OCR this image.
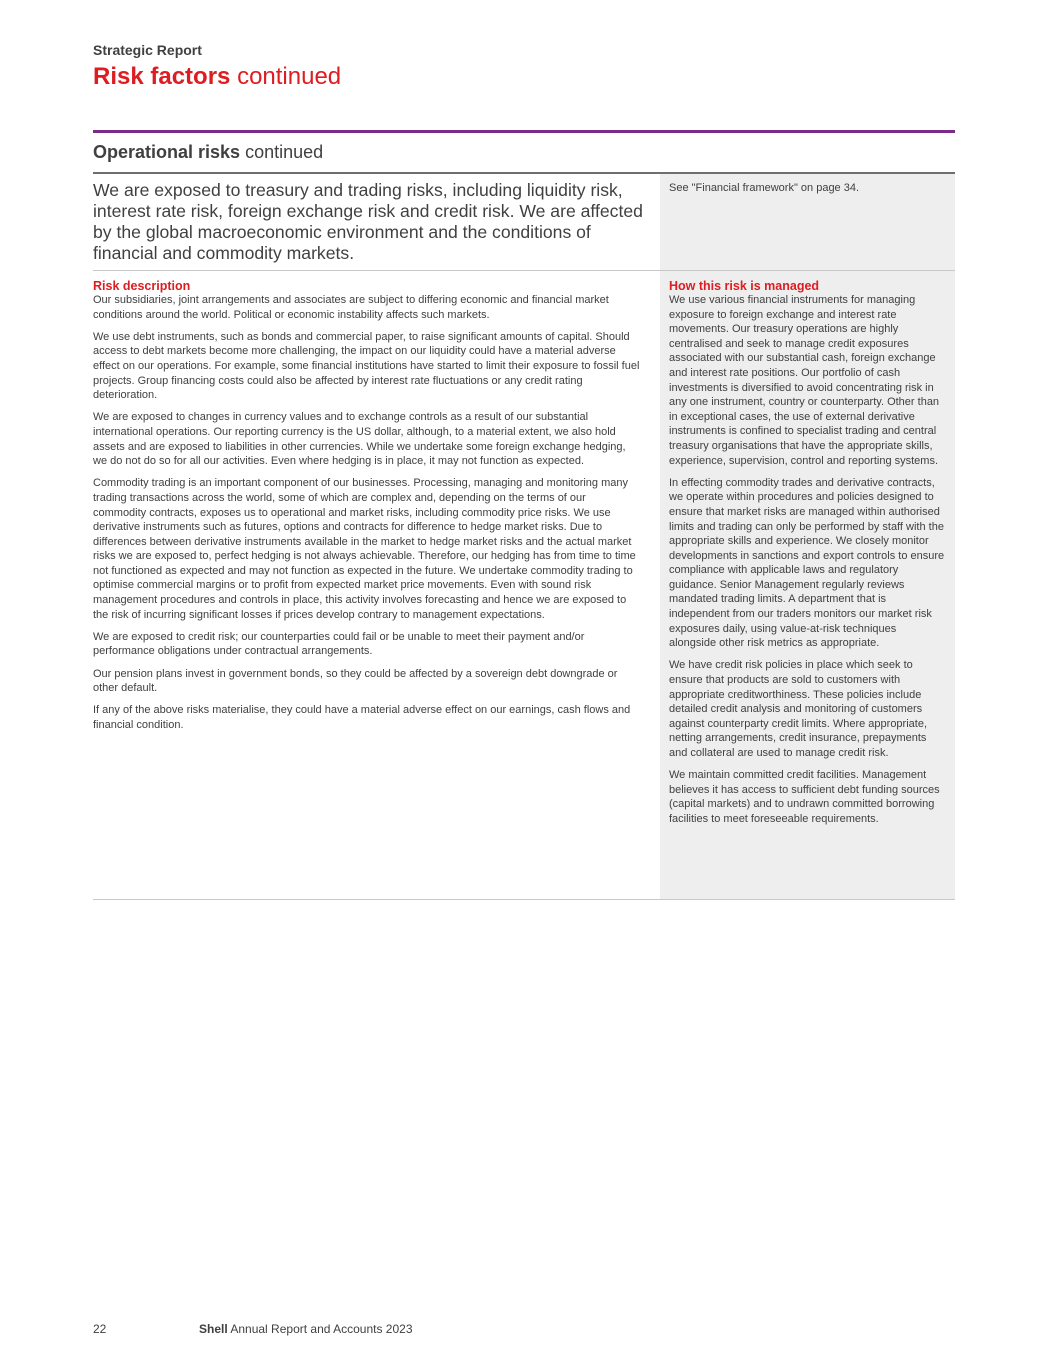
Strategic Report
Risk factors continued
Operational risks continued
We are exposed to treasury and trading risks, including liquidity risk, interest rate risk, foreign exchange risk and credit risk. We are affected by the global macroeconomic environment and the conditions of financial and commodity markets.
See "Financial framework" on page 34.
Risk description

Our subsidiaries, joint arrangements and associates are subject to differing economic and financial market conditions around the world. Political or economic instability affects such markets.

We use debt instruments, such as bonds and commercial paper, to raise significant amounts of capital. Should access to debt markets become more challenging, the impact on our liquidity could have a material adverse effect on our operations. For example, some financial institutions have started to limit their exposure to fossil fuel projects. Group financing costs could also be affected by interest rate fluctuations or any credit rating deterioration.

We are exposed to changes in currency values and to exchange controls as a result of our substantial international operations. Our reporting currency is the US dollar, although, to a material extent, we also hold assets and are exposed to liabilities in other currencies. While we undertake some foreign exchange hedging, we do not do so for all our activities. Even where hedging is in place, it may not function as expected.

Commodity trading is an important component of our businesses. Processing, managing and monitoring many trading transactions across the world, some of which are complex and, depending on the terms of our commodity contracts, exposes us to operational and market risks, including commodity price risks. We use derivative instruments such as futures, options and contracts for difference to hedge market risks. Due to differences between derivative instruments available in the market to hedge market risks and the actual market risks we are exposed to, perfect hedging is not always achievable. Therefore, our hedging has from time to time not functioned as expected and may not function as expected in the future. We undertake commodity trading to optimise commercial margins or to profit from expected market price movements. Even with sound risk management procedures and controls in place, this activity involves forecasting and hence we are exposed to the risk of incurring significant losses if prices develop contrary to management expectations.

We are exposed to credit risk; our counterparties could fail or be unable to meet their payment and/or performance obligations under contractual arrangements.

Our pension plans invest in government bonds, so they could be affected by a sovereign debt downgrade or other default.

If any of the above risks materialise, they could have a material adverse effect on our earnings, cash flows and financial condition.

How this risk is managed

We use various financial instruments for managing exposure to foreign exchange and interest rate movements. Our treasury operations are highly centralised and seek to manage credit exposures associated with our substantial cash, foreign exchange and interest rate positions. Our portfolio of cash investments is diversified to avoid concentrating risk in any one instrument, country or counterparty. Other than in exceptional cases, the use of external derivative instruments is confined to specialist trading and central treasury organisations that have the appropriate skills, experience, supervision, control and reporting systems.

In effecting commodity trades and derivative contracts, we operate within procedures and policies designed to ensure that market risks are managed within authorised limits and trading can only be performed by staff with the appropriate skills and experience. We closely monitor developments in sanctions and export controls to ensure compliance with applicable laws and regulatory guidance. Senior Management regularly reviews mandated trading limits. A department that is independent from our traders monitors our market risk exposures daily, using value-at-risk techniques alongside other risk metrics as appropriate.

We have credit risk policies in place which seek to ensure that products are sold to customers with appropriate creditworthiness. These policies include detailed credit analysis and monitoring of customers against counterparty credit limits. Where appropriate, netting arrangements, credit insurance, prepayments and collateral are used to manage credit risk.

We maintain committed credit facilities. Management believes it has access to sufficient debt funding sources (capital markets) and to undrawn committed borrowing facilities to meet foreseeable requirements.

22	Shell Annual Report and Accounts 2023
